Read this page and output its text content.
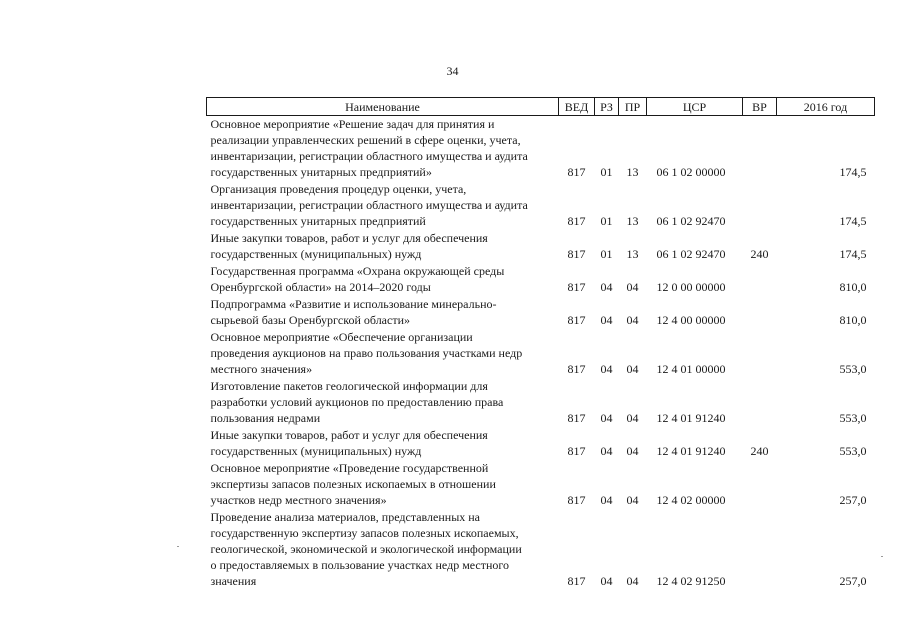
34
Наименование	ВЕД	РЗ	ПР	ЦСР	ВР	2016 год
Основное мероприятие «Решение задач для принятия и
реализации управленческих решений в сфере оценки, учета,
инвентаризации, регистрации областного имущества и аудита
государственных унитарных предприятий»	817	01	13	06 1 02 00000		174,5
Организация проведения процедур оценки, учета,
инвентаризации, регистрации областного имущества и аудита
государственных унитарных предприятий	817	01	13	06 1 02 92470		174,5
Иные закупки товаров, работ и услуг для обеспечения
государственных (муниципальных) нужд	817	01	13	06 1 02 92470	240	174,5
Государственная программа «Охрана окружающей среды
Оренбургской области» на 2014–2020 годы	817	04	04	12 0 00 00000		810,0
Подпрограмма «Развитие и использование минерально-
сырьевой базы Оренбургской области»	817	04	04	12 4 00 00000		810,0
Основное мероприятие «Обеспечение организации
проведения аукционов на право пользования участками недр
местного значения»	817	04	04	12 4 01 00000		553,0
Изготовление пакетов геологической информации для
разработки условий аукционов по предоставлению права
пользования недрами	817	04	04	12 4 01 91240		553,0
Иные закупки товаров, работ и услуг для обеспечения
государственных (муниципальных) нужд	817	04	04	12 4 01 91240	240	553,0
Основное мероприятие «Проведение государственной
экспертизы запасов полезных ископаемых в отношении
участков недр местного значения»	817	04	04	12 4 02 00000		257,0
Проведение анализа материалов, представленных на
государственную экспертизу запасов полезных ископаемых,
геологической, экономической и экологической информации
о предоставляемых в пользование участках недр местного
значения	817	04	04	12 4 02 91250		257,0
